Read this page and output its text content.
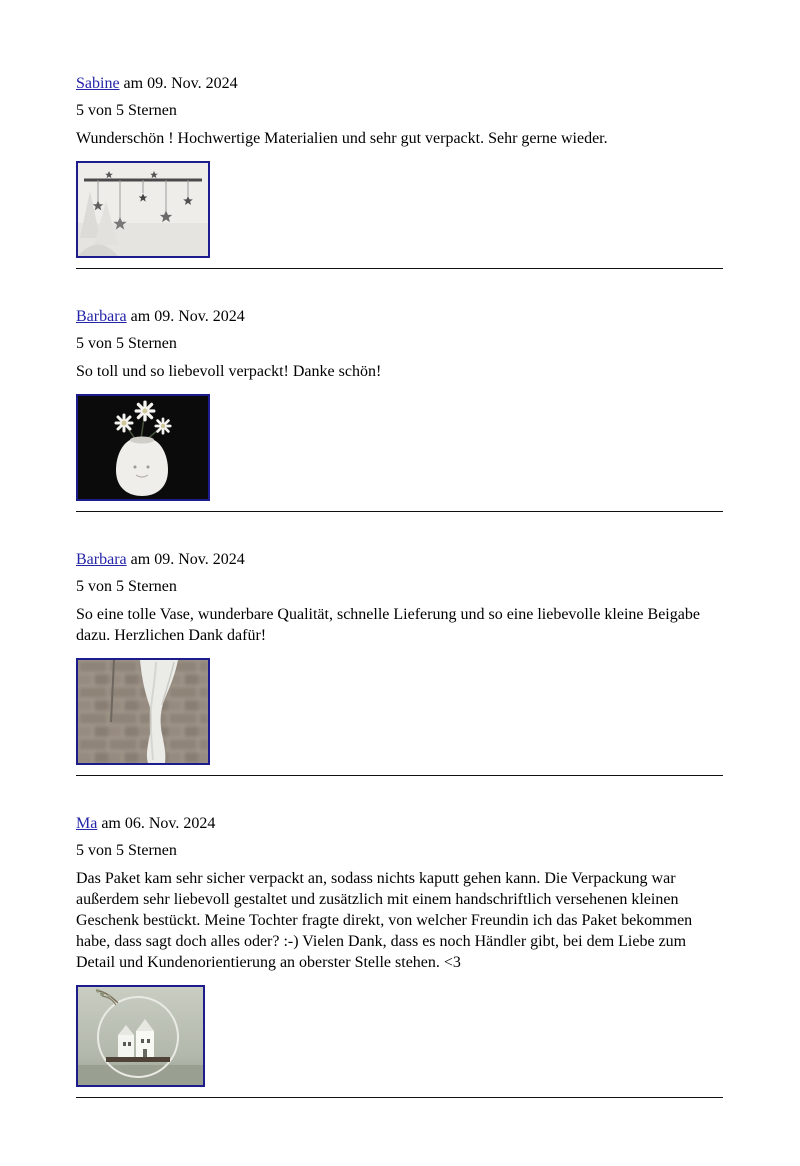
Sabine am 09. Nov. 2024

5 von 5 Sternen

Wunderschön ! Hochwertige Materialien und sehr gut verpackt. Sehr gerne wieder.

Barbara am 09. Nov. 2024

5 von 5 Sternen

So toll und so liebevoll verpackt! Danke schön!

Barbara am 09. Nov. 2024

5 von 5 Sternen

So eine tolle Vase, wunderbare Qualität, schnelle Lieferung und so eine liebevolle kleine Beigabe dazu. Herzlichen Dank dafür!

Ma am 06. Nov. 2024

5 von 5 Sternen

Das Paket kam sehr sicher verpackt an, sodass nichts kaputt gehen kann. Die Verpackung war außerdem sehr liebevoll gestaltet und zusätzlich mit einem handschriftlich versehenen kleinen Geschenk bestückt. Meine Tochter fragte direkt, von welcher Freundin ich das Paket bekommen habe, dass sagt doch alles oder? :-) Vielen Dank, dass es noch Händler gibt, bei dem Liebe zum Detail und Kundenorientierung an oberster Stelle stehen. <3
